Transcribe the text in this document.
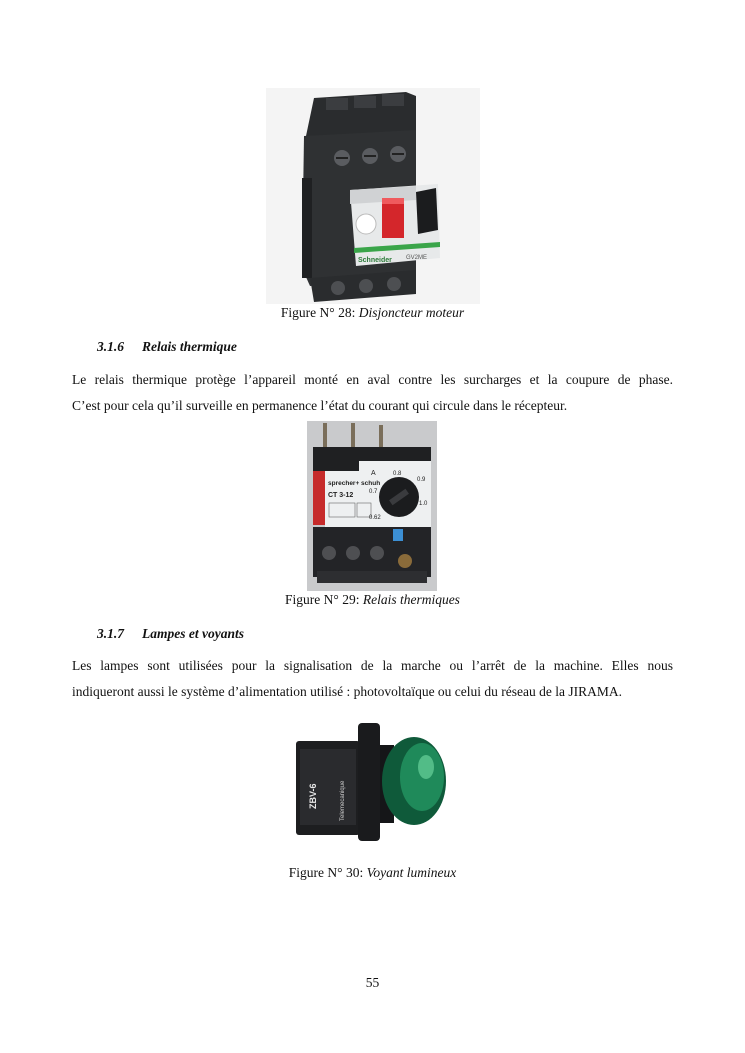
Schneider GV2ME
Figure N° 28: Disjoncteur moteur
3.1.6 Relais thermique
Le relais thermique protège l’appareil monté en aval contre les surcharges et la coupure de phase.
C’est pour cela qu’il surveille en permanence l’état du courant qui circule dans le récepteur.
sprecher+ schuh
CT 3-12
A	0.8
0.9
1.0
0.7
0.62
Figure N° 29: Relais thermiques
3.1.7 Lampes et voyants
Les lampes sont utilisées pour la signalisation de la marche ou l’arrêt de la machine. Elles nous
indiqueront aussi le système d’alimentation utilisé : photovoltaïque ou celui du réseau de la JIRAMA.
ZBV-6	Telemecanique
Figure N° 30: Voyant lumineux
55
